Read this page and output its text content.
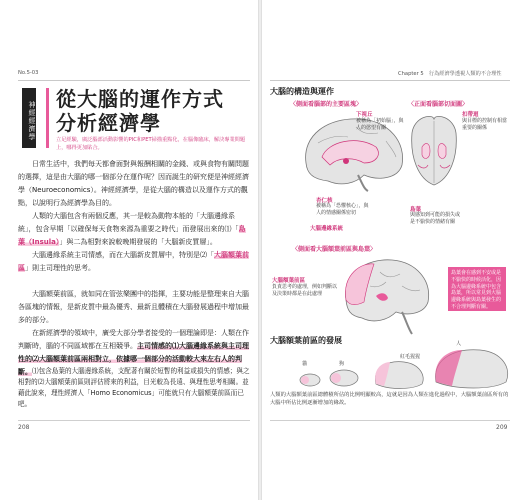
No.5-03
神經經濟學
從大腦的運作方式
分析經濟學
立足經驗，廣泛腦部活動影響的PIC和PET掃描重點化，在腦像臨床，解決專業問題上，哪得更加貼合。

日常生活中，我們每天都會面對與報酬相關的金錢、或與食物有關問題的選擇，這是由大腦的哪一個部分在運作呢？因而誕生的研究便是神經經濟學（Neuroeconomics）。神經經濟學，是從大腦的構造以及運作方式的觀點，以說明行為經濟學為目的。

人類的大腦包含有兩個反應，其一是較為動物本能的「大腦邊緣系統」，包含早期「以確保每天食物來源為重要之時代」而發展出來的⑴「島葉（Insula）」與二為相對來說較晚期發展的「大腦新皮質層」。

大腦邊緣系統主司情感，而在大腦新皮質層中，特別是⑵「大腦額葉前區」則主司理性的思考。

大腦額葉前區，就如同在管弦樂團中的指揮，主要功能是整理來自大腦各區塊的情報，是新皮質中最為優秀、最新且體積在大腦發展過程中增加最多的部分。

在新經濟學的領域中，廣受大部分學者接受的一個理論即是：人類在作判斷時，腦的不同區域都在互相競爭。主司情感的⑴大腦邊緣系統與主司理性的⑵大腦額葉前區兩相對立，依據哪一個部分的活動較大來左右人的判斷。 ⑴包含島葉的大腦邊緣系統，支配著有關於短暫的利益或損失的情感；與之相對的⑵大腦額葉前區則評估將來的利益，目光較為長遠、與理性思考相關。並藉此說來，理性經濟人「Homo Economicus」可能就只有大腦額葉前區而已吧。

208
Chapter 5　行為經濟學透視人類的不合理性
大腦的構造與運作
〈側面看腦部的主要區塊〉	〈正面看腦部切面圖〉
下視丘
被稱為「初始腦」，與人的慾望有關
扣帶迴
與目標的控制有相當重要的關係
杏仁核
被稱為「恐懼核心」，與人的情感關係密切
大腦邊緣系統
島葉
與感知到可能的損失或是不愉快的情緒有關
〈側面看大腦額葉前區與島葉〉
大腦額葉前區
負責思考的處理，例如判斷以及決策時都是在此處理
島葉會在感到不安或是不愉快的時候活化，因為大腦邊緣系統中包含島葉，所以常見到大腦邊緣系統與島葉發生的不合理判斷有關。
大腦額葉前區的發展
貓	狗
紅毛猩猩
人
人類的大腦額葉前區總體積所佔的比例明顯較高，這就是因為人類在進化過程中，大腦額葉前區所有的大腦中所佔比例逐漸增加的緣故。
209
